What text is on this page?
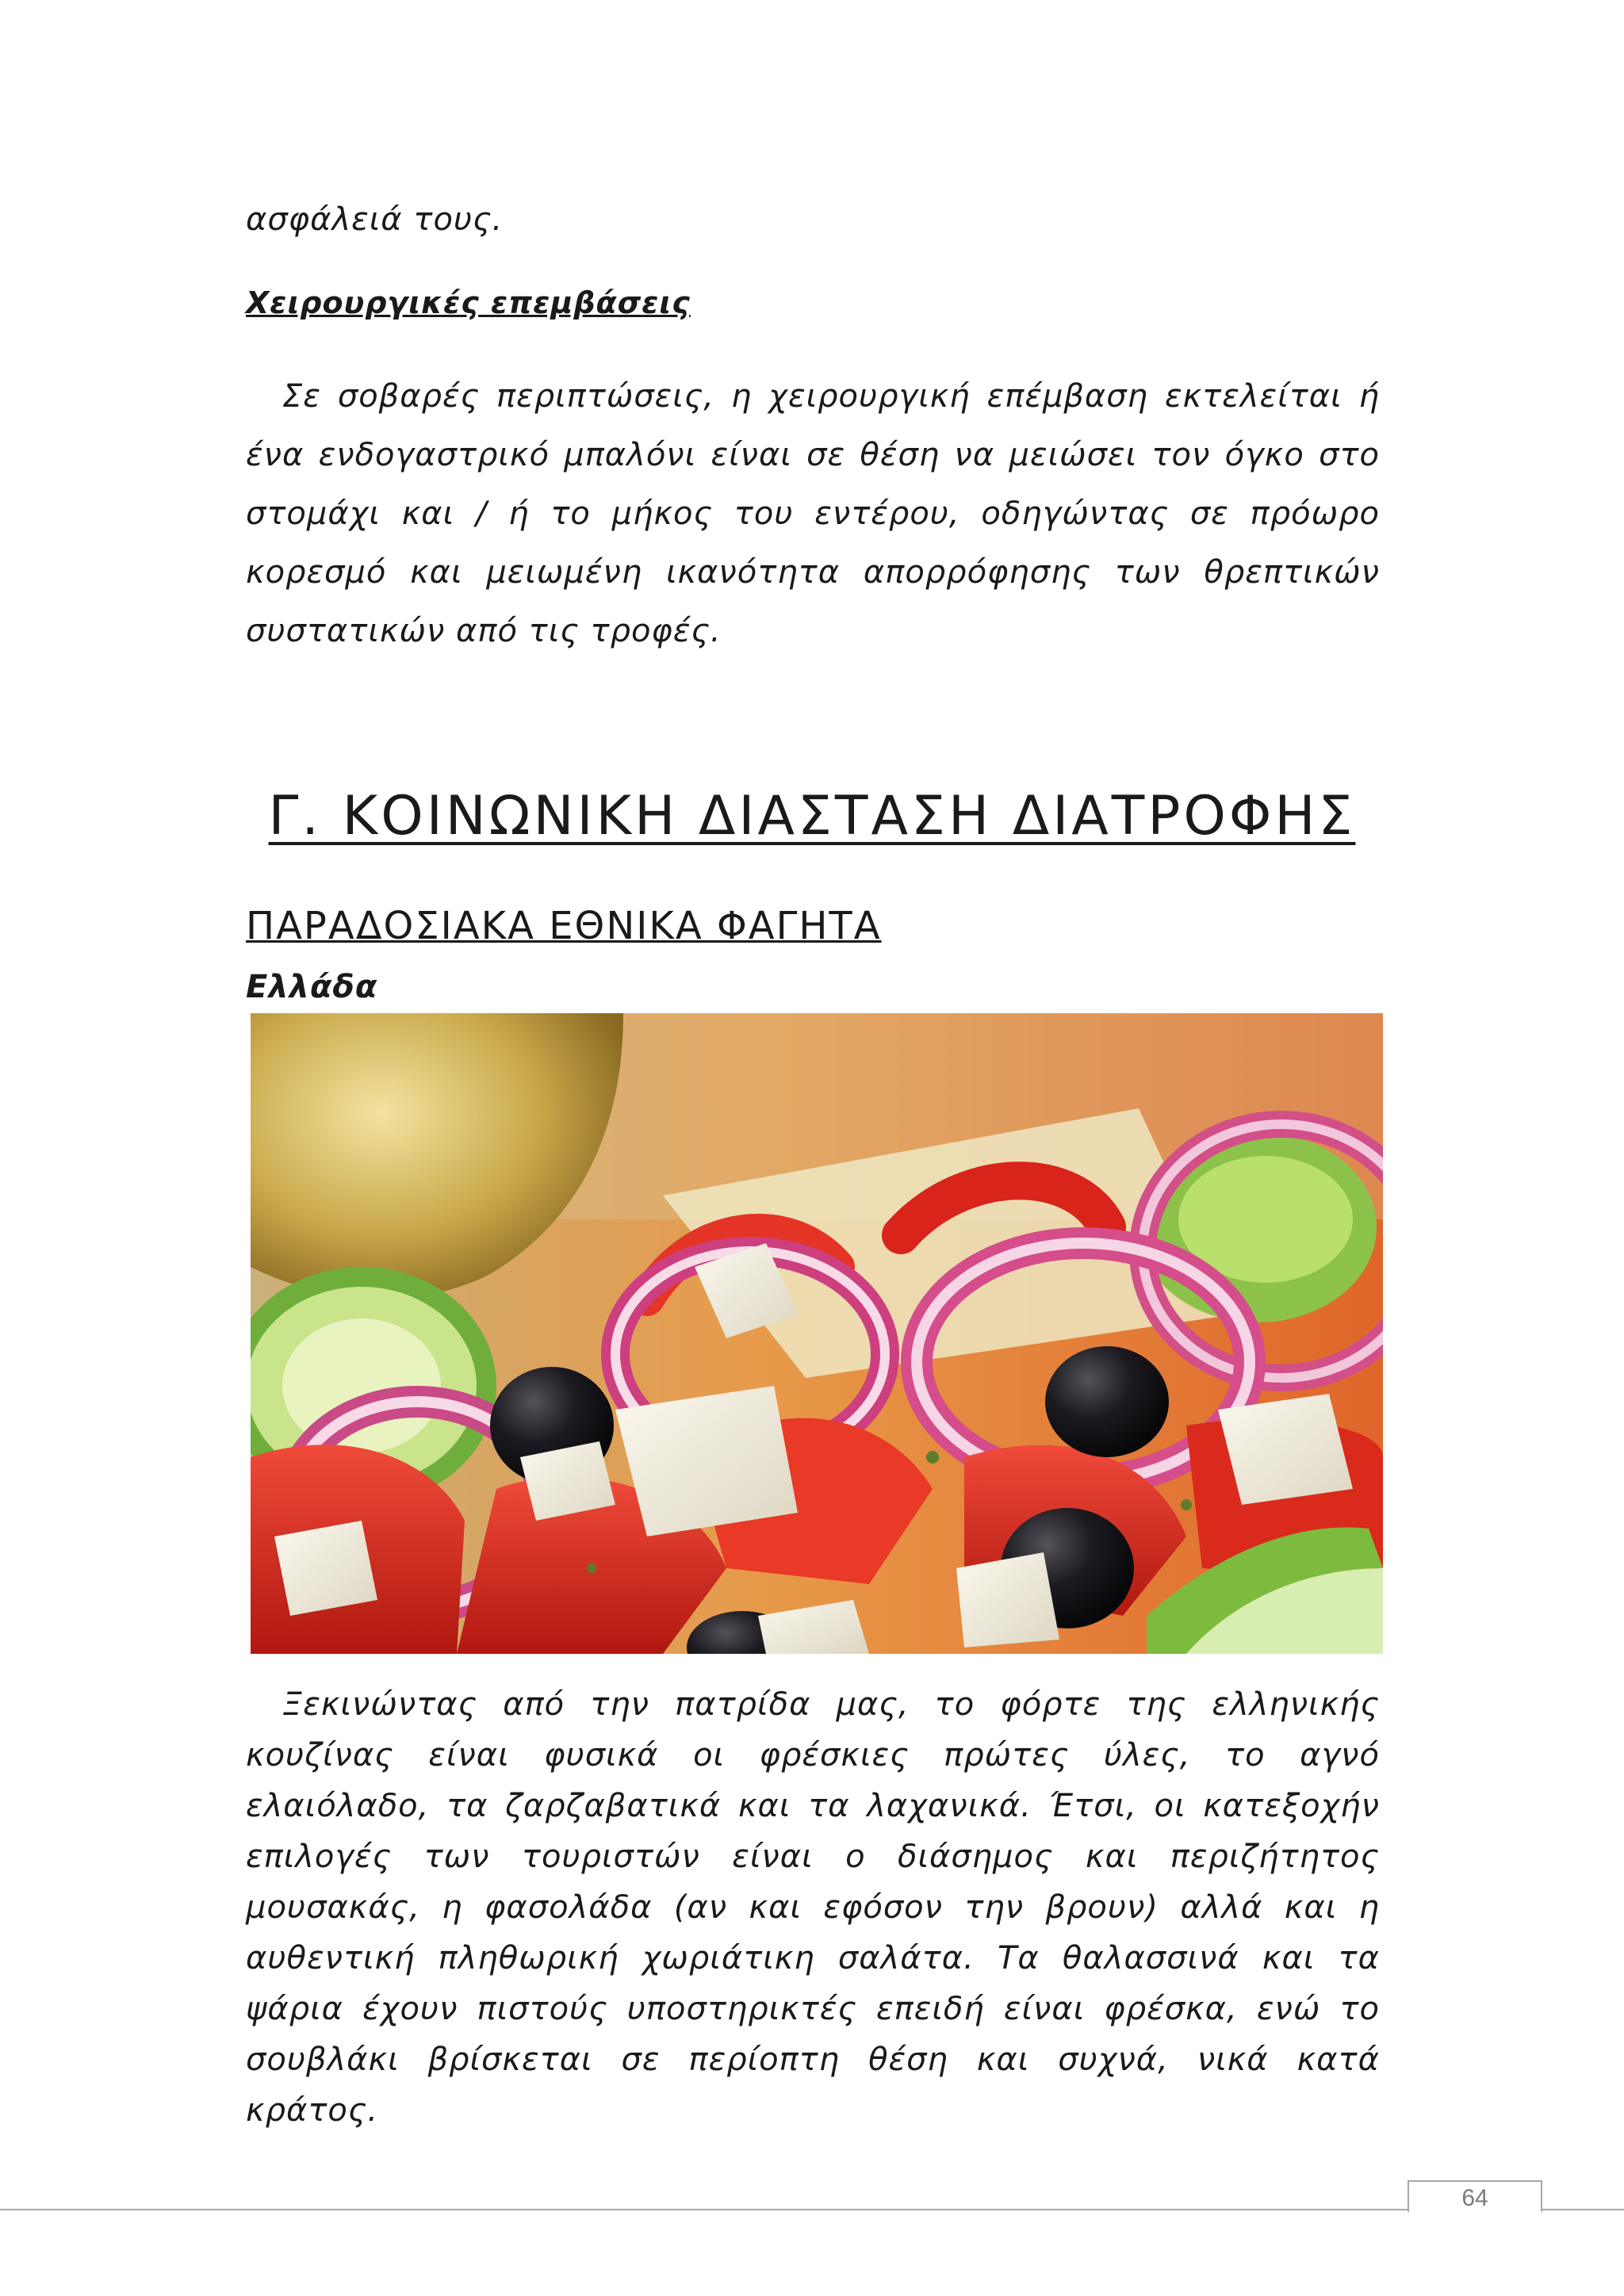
ασφάλειά τους.

Χειρουργικές επεμβάσεις

Σε σοβαρές περιπτώσεις, η χειρουργική επέμβαση εκτελείται ή ένα ενδογαστρικό μπαλόνι είναι σε θέση να μειώσει τον όγκο στο στομάχι και / ή το μήκος του εντέρου, οδηγώντας σε πρόωρο κορεσμό και μειωμένη ικανότητα απορρόφησης των θρεπτικών συστατικών από τις τροφές.

Γ. ΚΟΙΝΩΝΙΚΗ ΔΙΑΣΤΑΣΗ ΔΙΑΤΡΟΦΗΣ
ΠΑΡΑΔΟΣΙΑΚΑ ΕΘΝΙΚΑ ΦΑΓΗΤΑ
Ελλάδα

Ξεκινώντας από την πατρίδα μας, το φόρτε της ελληνικής κουζίνας είναι φυσικά οι φρέσκιες πρώτες ύλες, το αγνό ελαιόλαδο, τα ζαρζαβατικά και τα λαχανικά. Έτσι, οι κατεξοχήν επιλογές των τουριστών είναι ο διάσημος και περιζήτητος μουσακάς, η φασολάδα (αν και εφόσον την βρουν) αλλά και η αυθεντική πληθωρική χωριάτικη σαλάτα. Τα θαλασσινά και τα ψάρια έχουν πιστούς υποστηρικτές επειδή είναι φρέσκα, ενώ το σουβλάκι βρίσκεται σε περίοπτη θέση και συχνά, νικά κατά κράτος.

64
